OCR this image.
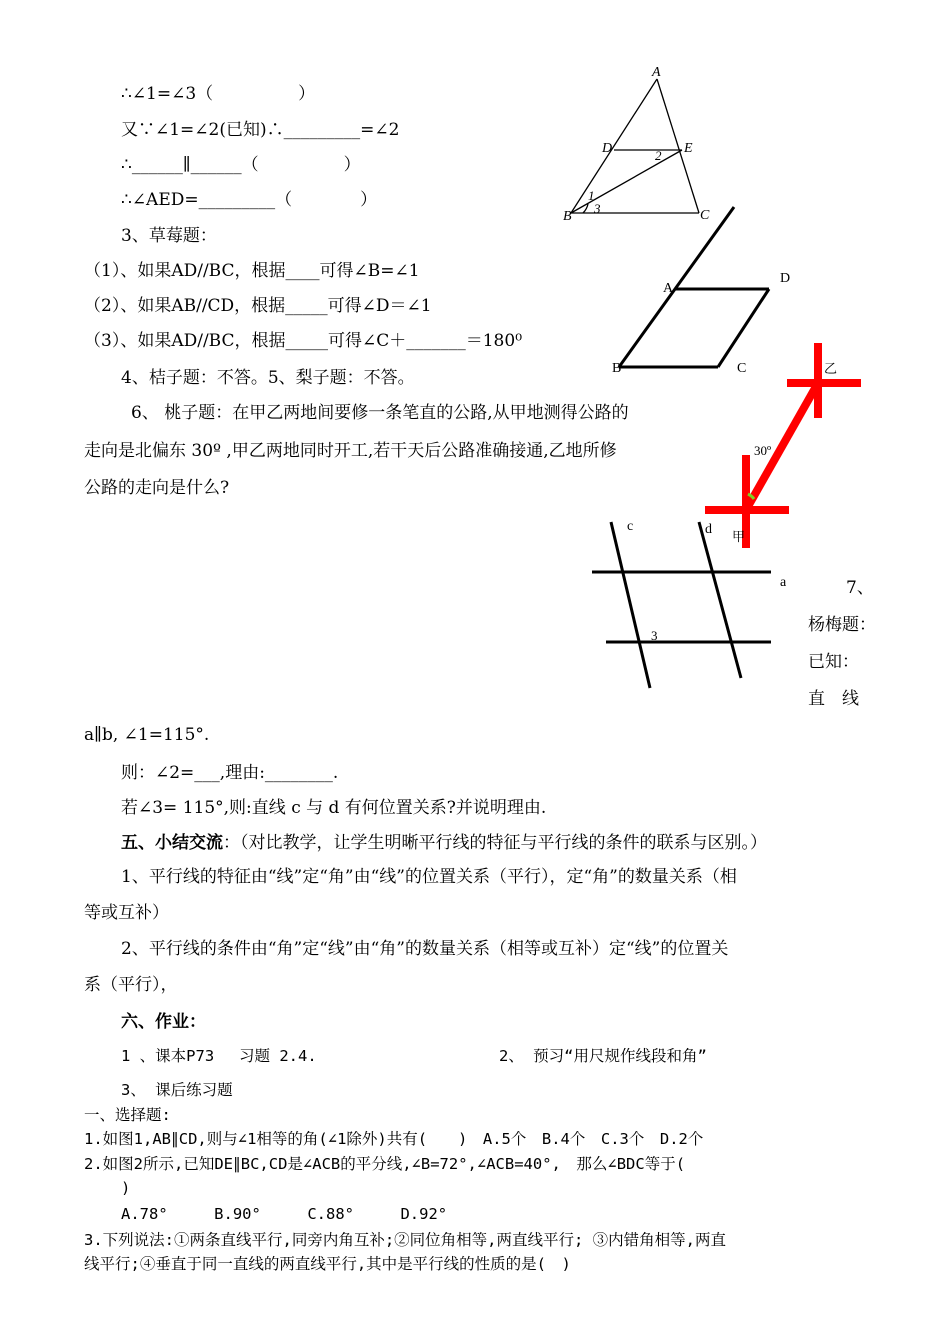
∴∠1=∠3（　　　　　）
又∵∠1=∠2(已知)∴_________=∠2
∴______∥______（　　　　　）
∴∠AED=_________（　　　　）
3、草莓题：
（1）、如果AD//BC，根据____可得∠B=∠1
（2）、如果AB//CD，根据_____可得∠D＝∠1
（3）、如果AD//BC，根据_____可得∠C＋_______＝180⁰
4、桔子题：不答。5、梨子题：不答。
6、 桃子题：在甲乙两地间要修一条笔直的公路,从甲地测得公路的
走向是北偏东 30º ,甲乙两地同时开工,若干天后公路准确接通,乙地所修
公路的走向是什么?
7、
杨梅题：
已知：
直　线
a∥b, ∠1=115°.
则：∠2=___,理由:________.
若∠3= 115°,则:直线 c 与 d 有何位置关系?并说明理由.
五、小结交流：（对比教学，让学生明晰平行线的特征与平行线的条件的联系与区别。）
1、平行线的特征由“线”定“角”由“线”的位置关系（平行），定“角”的数量关系（相
等或互补）
2、平行线的条件由“角”定“线”由“角”的数量关系（相等或互补）定“线”的位置关
系（平行），
六、作业：
1 、课本P73　 习题 2.4.	2、 预习“用尺规作线段和角”
3、 课后练习题
一、选择题:
1.如图1,AB∥CD,则与∠1相等的角(∠1除外)共有(　　)　A.5个　B.4个　C.3个　D.2个
2.如图2所示,已知DE∥BC,CD是∠ACB的平分线,∠B=72°,∠ACB=40°,　那么∠BDC等于(
)
A.78°　　　B.90°　　　C.88°　　　D.92°
3.下列说法:①两条直线平行,同旁内角互补;②同位角相等,两直线平行; ③内错角相等,两直
线平行;④垂直于同一直线的两直线平行,其中是平行线的性质的是(　)
A
D	E
B	C
1
2
3
A
D
B	C
30º
乙
甲
c	d
a
3
